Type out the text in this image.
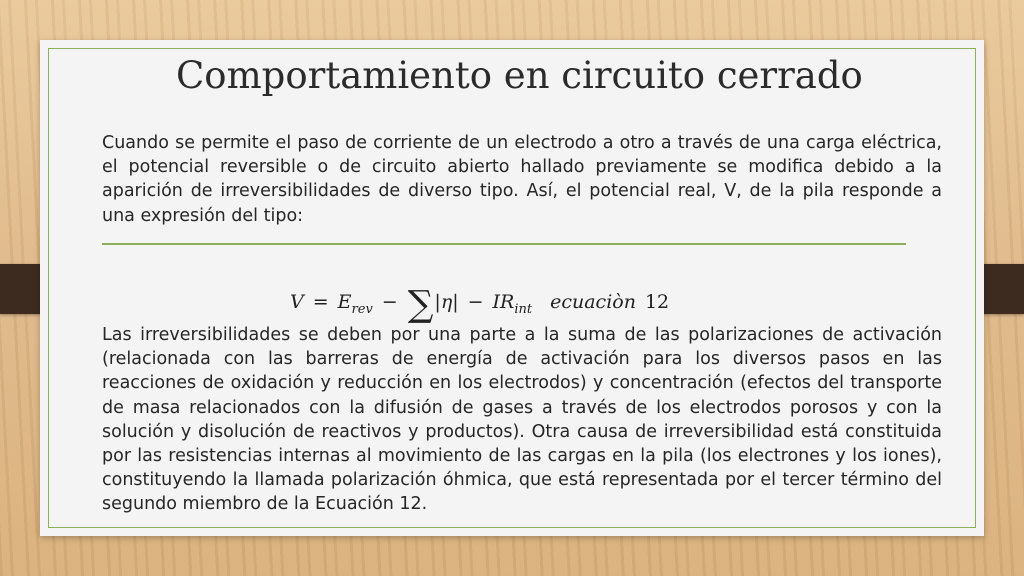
Comportamiento en circuito cerrado

Cuando se permite el paso de corriente de un electrodo a otro a través de una carga eléctrica, el potencial reversible o de circuito abierto hallado previamente se modifica debido a la aparición de irreversibilidades de diverso tipo. Así, el potencial real, V, de la pila responde a una expresión del tipo:

$V = E_{rev} - \sum|\eta| - IR_{int}$ ecuaciòn 12

Las irreversibilidades se deben por una parte a la suma de las polarizaciones de activación (relacionada con las barreras de energía de activación para los diversos pasos en las reacciones de oxidación y reducción en los electrodos) y concentración (efectos del transporte de masa relacionados con la difusión de gases a través de los electrodos porosos y con la solución y disolución de reactivos y productos). Otra causa de irreversibilidad está constituida por las resistencias internas al movimiento de las cargas en la pila (los electrones y los iones), constituyendo la llamada polarización óhmica, que está representada por el tercer término del segundo miembro de la Ecuación 12.
